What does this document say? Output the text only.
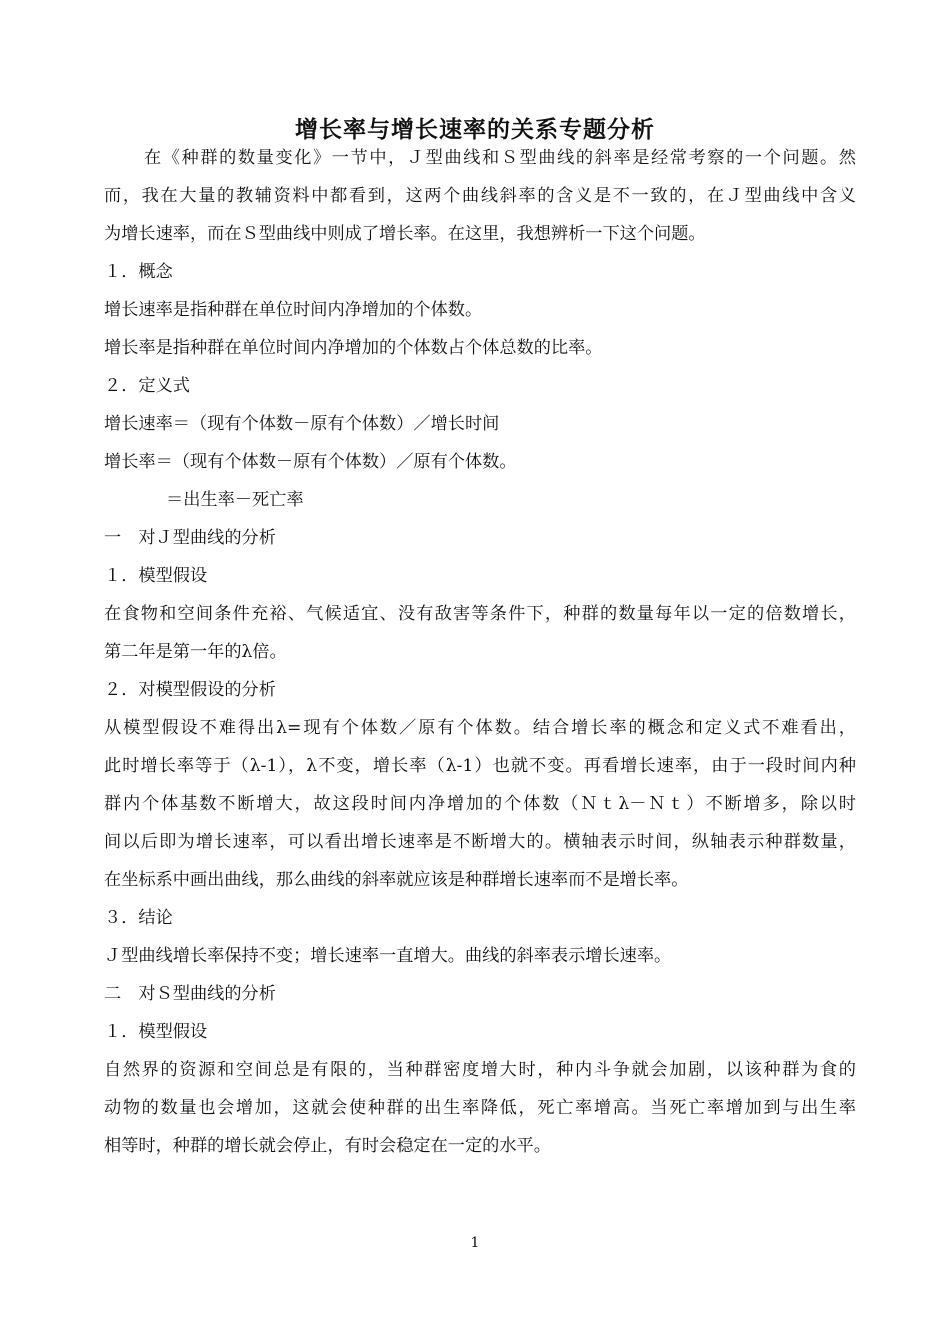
增长率与增长速率的关系专题分析
在《种群的数量变化》一节中，Ｊ型曲线和Ｓ型曲线的斜率是经常考察的一个问题。然
而，我在大量的教辅资料中都看到，这两个曲线斜率的含义是不一致的，在Ｊ型曲线中含义
为增长速率，而在Ｓ型曲线中则成了增长率。在这里，我想辨析一下这个问题。
１．概念
增长速率是指种群在单位时间内净增加的个体数。
增长率是指种群在单位时间内净增加的个体数占个体总数的比率。
２．定义式
增长速率＝（现有个体数－原有个体数）／增长时间
增长率＝（现有个体数－原有个体数）／原有个体数。
＝出生率－死亡率
一　对Ｊ型曲线的分析
１．模型假设
在食物和空间条件充裕、气候适宜、没有敌害等条件下，种群的数量每年以一定的倍数增长，
第二年是第一年的λ倍。
２．对模型假设的分析
从模型假设不难得出λ=现有个体数／原有个体数。结合增长率的概念和定义式不难看出，
此时增长率等于（λ-1），λ不变，增长率（λ-1）也就不变。再看增长速率，由于一段时间内种
群内个体基数不断增大，故这段时间内净增加的个体数（Ｎｔλ－Ｎｔ）不断增多，除以时
间以后即为增长速率，可以看出增长速率是不断增大的。横轴表示时间，纵轴表示种群数量，
在坐标系中画出曲线，那么曲线的斜率就应该是种群增长速率而不是增长率。
３．结论
Ｊ型曲线增长率保持不变；增长速率一直增大。曲线的斜率表示增长速率。
二　对Ｓ型曲线的分析
１．模型假设
自然界的资源和空间总是有限的，当种群密度增大时，种内斗争就会加剧，以该种群为食的
动物的数量也会增加，这就会使种群的出生率降低，死亡率增高。当死亡率增加到与出生率
相等时，种群的增长就会停止，有时会稳定在一定的水平。
1
